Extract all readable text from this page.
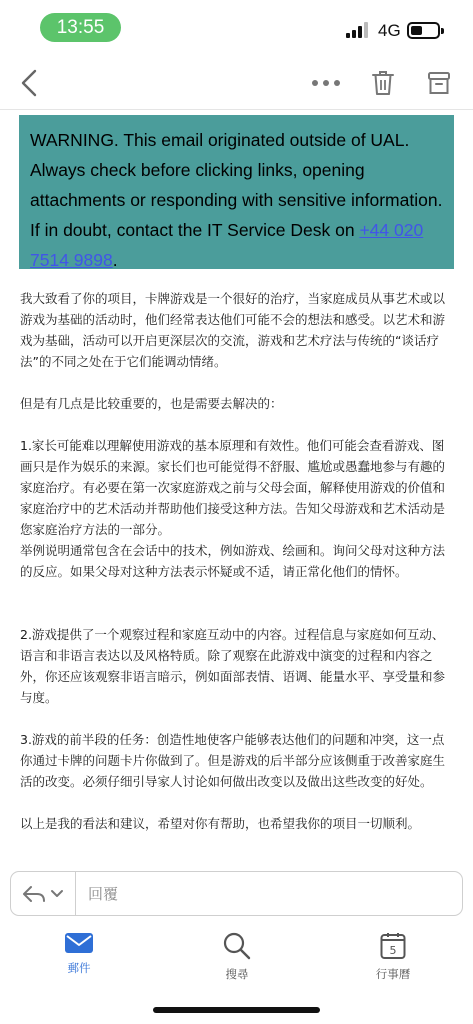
13:55	4G
WARNING. This email originated outside of UAL. Always check before clicking links, opening attachments or responding with sensitive information. If in doubt, contact the IT Service Desk on +44 020 7514 9898.
我大致看了你的项目，卡牌游戏是一个很好的治疗，当家庭成员从事艺术或以游戏为基础的活动时，他们经常表达他们可能不会的想法和感受。以艺术和游戏为基础，活动可以开启更深层次的交流，游戏和艺术疗法与传统的“谈话疗法”的不同之处在于它们能调动情绪。

但是有几点是比较重要的，也是需要去解决的：

1.家长可能难以理解使用游戏的基本原理和有效性。他们可能会查看游戏、图画只是作为娱乐的来源。家长们也可能觉得不舒服、尴尬或愚蠢地参与有趣的家庭治疗。有必要在第一次家庭游戏之前与父母会面，解释使用游戏的价值和家庭治疗中的艺术活动并帮助他们接受这种方法。告知父母游戏和艺术活动是您家庭治疗方法的一部分。
举例说明通常包含在会话中的技术，例如游戏、绘画和。询问父母对这种方法的反应。如果父母对这种方法表示怀疑或不适，请正常化他们的情怀。

2.游戏提供了一个观察过程和家庭互动中的内容。过程信息与家庭如何互动、语言和非语言表达以及风格特质。除了观察在此游戏中演变的过程和内容之外，你还应该观察非语言暗示，例如面部表情、语调、能量水平、享受量和参与度。

3.游戏的前半段的任务：创造性地使客户能够表达他们的问题和冲突，这一点你通过卡牌的问题卡片你做到了。但是游戏的后半部分应该侧重于改善家庭生活的改变。必须仔细引导家人讨论如何做出改变以及做出这些改变的好处。

以上是我的看法和建议，希望对你有帮助，也希望我你的项目一切顺利。
回覆
郵件	搜尋
5
行事曆
